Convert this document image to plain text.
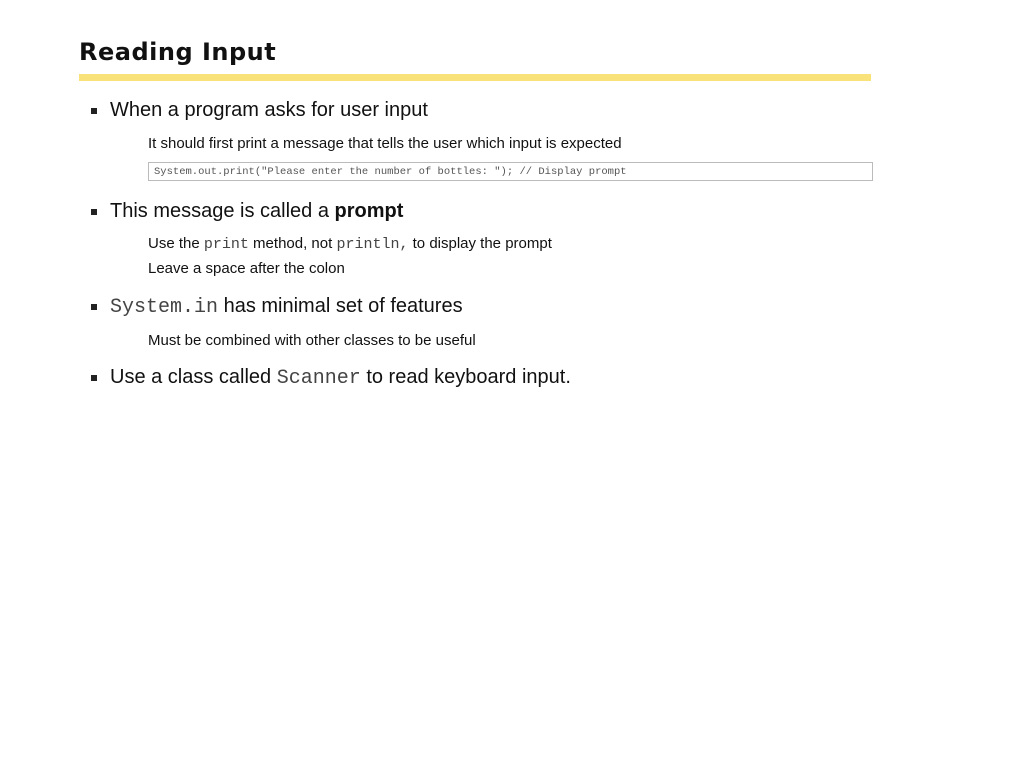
Reading Input
When a program asks for user input
It should first print a message that tells the user which input is expected
System.out.print("Please enter the number of bottles: "); // Display prompt
This message is called a prompt
Use the print method, not println, to display the prompt
Leave a space after the colon
System.in has minimal set of features
Must be combined with other classes to be useful
Use a class called Scanner to read keyboard input.
